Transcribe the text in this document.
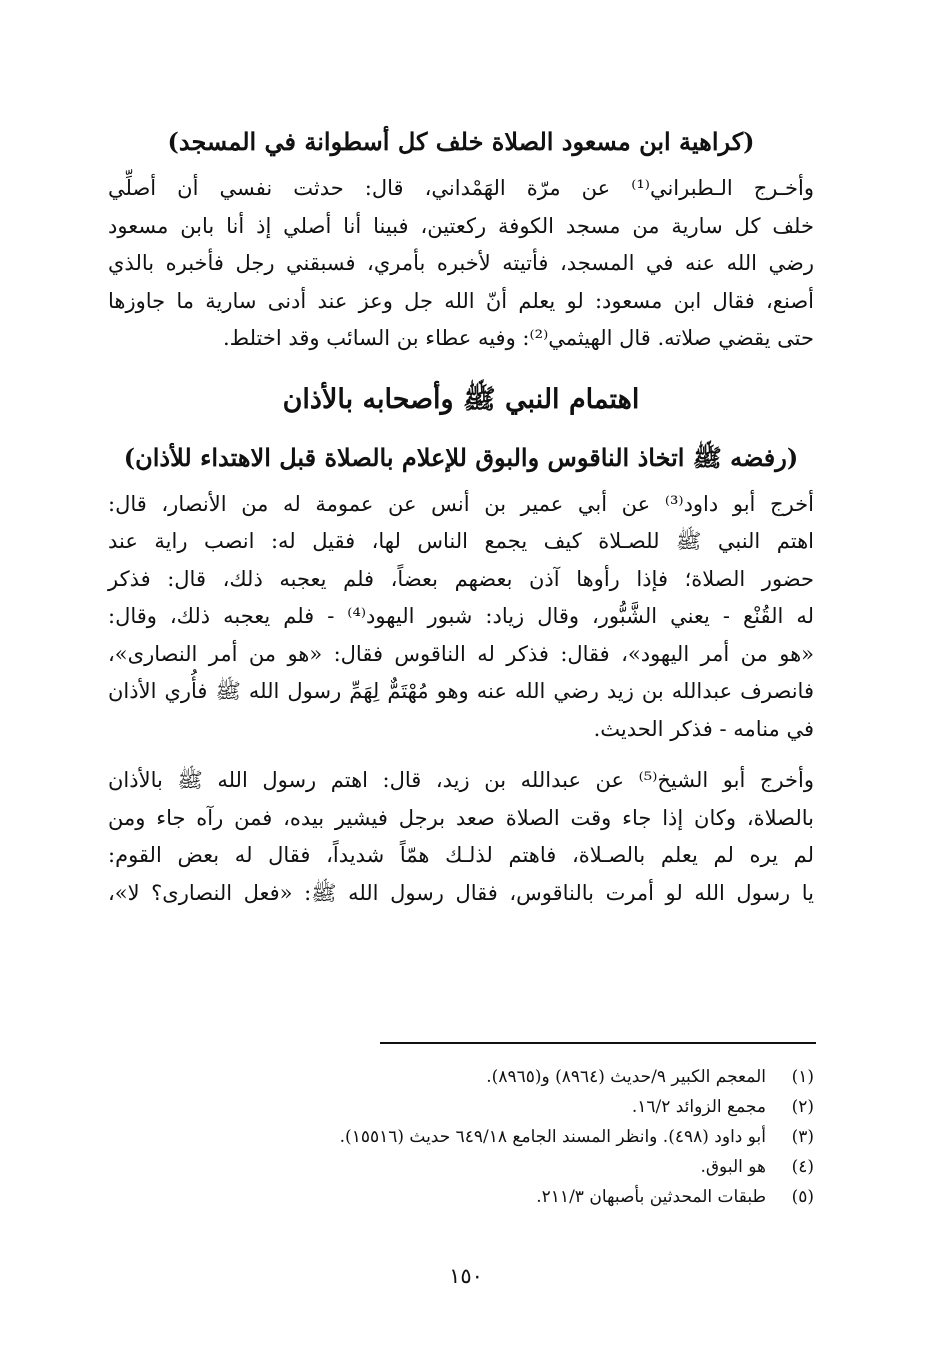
(كراهية ابن مسعود الصلاة خلف كل أسطوانة في المسجد)
وأخـرج الـطبراني⁽¹⁾ عن مرّة الهَمْداني، قال: حدثت نفسي أن أصلِّي
خلف كل سارية من مسجد الكوفة ركعتين، فبينا أنا أصلي إذ أنا بابن مسعود
رضي الله عنه في المسجد، فأتيته لأخبره بأمري، فسبقني رجل فأخبره بالذي
أصنع، فقال ابن مسعود: لو يعلم أنّ الله جل وعز عند أدنى سارية ما جاوزها
حتى يقضي صلاته. قال الهيثمي⁽²⁾: وفيه عطاء بن السائب وقد اختلط.
اهتمام النبي ﷺ وأصحابه بالأذان
(رفضه ﷺ اتخاذ الناقوس والبوق للإعلام بالصلاة قبل الاهتداء للأذان)
أخرج أبو داود⁽³⁾ عن أبي عمير بن أنس عن عمومة له من الأنصار، قال:
اهتم النبي ﷺ للصـلاة كيف يجمع الناس لها، فقيل له: انصب راية عند
حضور الصلاة؛ فإذا رأوها آذن بعضهم بعضاً، فلم يعجبه ذلك، قال: فذكر
له القُنْع - يعني الشَّبُّور، وقال زياد: شبور اليهود⁽⁴⁾ - فلم يعجبه ذلك، وقال:
«هو من أمر اليهود»، فقال: فذكر له الناقوس فقال: «هو من أمر النصارى»،
فانصرف عبدالله بن زيد رضي الله عنه وهو مُهْتَمٌّ لِهَمِّ رسول الله ﷺ فأُري الأذان
في منامه - فذكر الحديث.
وأخرج أبو الشيخ⁽⁵⁾ عن عبدالله بن زيد، قال: اهتم رسول الله ﷺ بالأذان
بالصلاة، وكان إذا جاء وقت الصلاة صعد برجل فيشير بيده، فمن رآه جاء ومن
لم يره لم يعلم بالصـلاة، فاهتم لذلـك همّاً شديداً، فقال له بعض القوم:
يا رسول الله لو أمرت بالناقوس، فقال رسول الله ﷺ: «فعل النصارى؟ لا»،
(١)
المعجم الكبير ٩/حديث (٨٩٦٤) و(٨٩٦٥).
(٢)
مجمع الزوائد ١٦/٢.
(٣)
أبو داود (٤٩٨). وانظر المسند الجامع ٦٤٩/١٨ حديث (١٥٥١٦).
(٤)
هو البوق.
(٥)
طبقات المحدثين بأصبهان ٢١١/٣.
١٥٠
